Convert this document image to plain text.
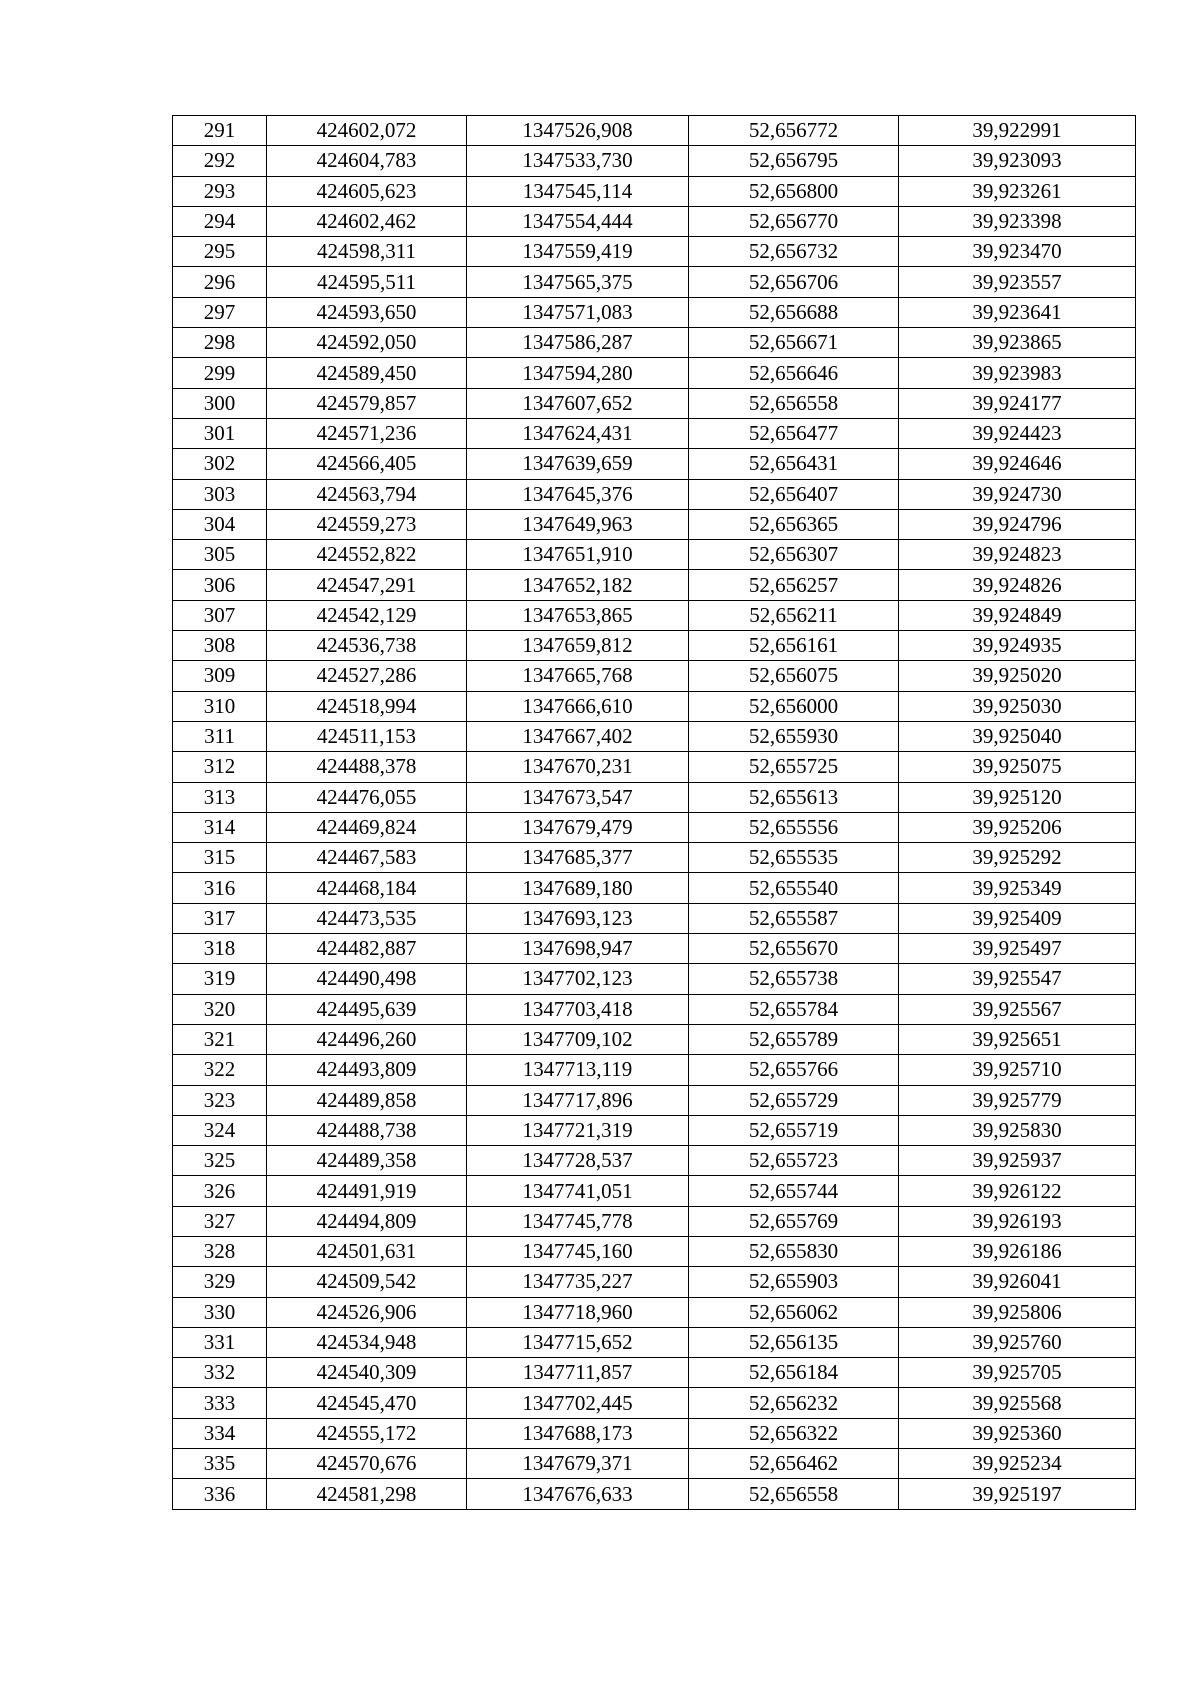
291	424602,072	1347526,908	52,656772	39,922991
292	424604,783	1347533,730	52,656795	39,923093
293	424605,623	1347545,114	52,656800	39,923261
294	424602,462	1347554,444	52,656770	39,923398
295	424598,311	1347559,419	52,656732	39,923470
296	424595,511	1347565,375	52,656706	39,923557
297	424593,650	1347571,083	52,656688	39,923641
298	424592,050	1347586,287	52,656671	39,923865
299	424589,450	1347594,280	52,656646	39,923983
300	424579,857	1347607,652	52,656558	39,924177
301	424571,236	1347624,431	52,656477	39,924423
302	424566,405	1347639,659	52,656431	39,924646
303	424563,794	1347645,376	52,656407	39,924730
304	424559,273	1347649,963	52,656365	39,924796
305	424552,822	1347651,910	52,656307	39,924823
306	424547,291	1347652,182	52,656257	39,924826
307	424542,129	1347653,865	52,656211	39,924849
308	424536,738	1347659,812	52,656161	39,924935
309	424527,286	1347665,768	52,656075	39,925020
310	424518,994	1347666,610	52,656000	39,925030
311	424511,153	1347667,402	52,655930	39,925040
312	424488,378	1347670,231	52,655725	39,925075
313	424476,055	1347673,547	52,655613	39,925120
314	424469,824	1347679,479	52,655556	39,925206
315	424467,583	1347685,377	52,655535	39,925292
316	424468,184	1347689,180	52,655540	39,925349
317	424473,535	1347693,123	52,655587	39,925409
318	424482,887	1347698,947	52,655670	39,925497
319	424490,498	1347702,123	52,655738	39,925547
320	424495,639	1347703,418	52,655784	39,925567
321	424496,260	1347709,102	52,655789	39,925651
322	424493,809	1347713,119	52,655766	39,925710
323	424489,858	1347717,896	52,655729	39,925779
324	424488,738	1347721,319	52,655719	39,925830
325	424489,358	1347728,537	52,655723	39,925937
326	424491,919	1347741,051	52,655744	39,926122
327	424494,809	1347745,778	52,655769	39,926193
328	424501,631	1347745,160	52,655830	39,926186
329	424509,542	1347735,227	52,655903	39,926041
330	424526,906	1347718,960	52,656062	39,925806
331	424534,948	1347715,652	52,656135	39,925760
332	424540,309	1347711,857	52,656184	39,925705
333	424545,470	1347702,445	52,656232	39,925568
334	424555,172	1347688,173	52,656322	39,925360
335	424570,676	1347679,371	52,656462	39,925234
336	424581,298	1347676,633	52,656558	39,925197
